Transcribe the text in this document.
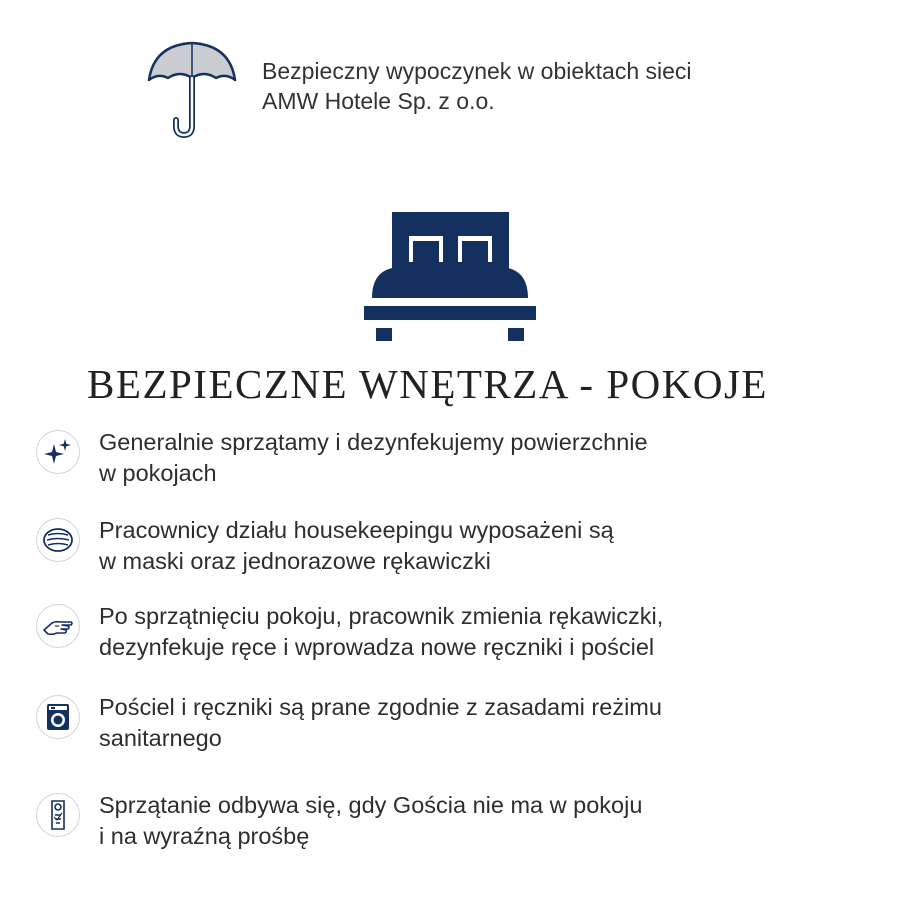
Bezpieczny wypoczynek w obiektach sieci
AMW Hotele Sp. z o.o.
BEZPIECZNE WNĘTRZA - POKOJE
Generalnie sprzątamy i dezynfekujemy powierzchnie
w pokojach
Pracownicy działu housekeepingu wyposażeni są
w maski oraz jednorazowe rękawiczki
Po sprzątnięciu pokoju, pracownik zmienia rękawiczki,
dezynfekuje ręce i wprowadza nowe ręczniki i pościel
Pościel i ręczniki są prane zgodnie z zasadami reżimu
sanitarnego
Sprzątanie odbywa się, gdy Gościa nie ma w pokoju
i na wyraźną prośbę
